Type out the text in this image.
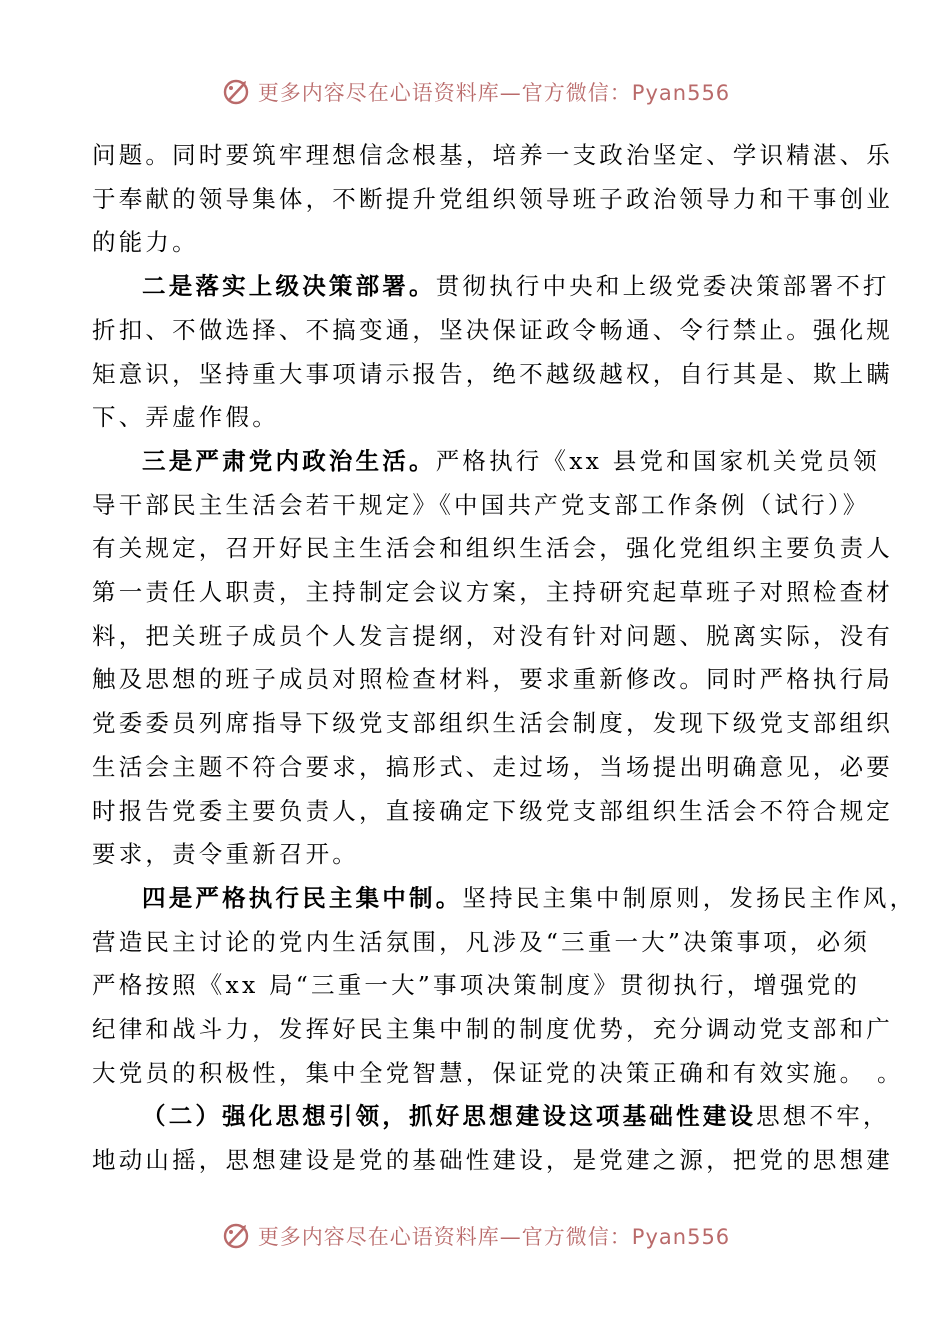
更多内容尽在心语资料库—官方微信：Pyan556

问题。同时要筑牢理想信念根基，培养一支政治坚定、学识精湛、乐
于奉献的领导集体，不断提升党组织领导班子政治领导力和干事创业
的能力。

二是落实上级决策部署。贯彻执行中央和上级党委决策部署不打
折扣、不做选择、不搞变通，坚决保证政令畅通、令行禁止。强化规
矩意识，坚持重大事项请示报告，绝不越级越权，自行其是、欺上瞒
下、弄虚作假。

三是严肃党内政治生活。严格执行《xx 县党和国家机关党员领
导干部民主生活会若干规定》《中国共产党支部工作条例（试行）》
有关规定，召开好民主生活会和组织生活会，强化党组织主要负责人
第一责任人职责，主持制定会议方案，主持研究起草班子对照检查材
料，把关班子成员个人发言提纲，对没有针对问题、脱离实际，没有
触及思想的班子成员对照检查材料，要求重新修改。同时严格执行局
党委委员列席指导下级党支部组织生活会制度，发现下级党支部组织
生活会主题不符合要求，搞形式、走过场，当场提出明确意见，必要
时报告党委主要负责人，直接确定下级党支部组织生活会不符合规定
要求，责令重新召开。

四是严格执行民主集中制。坚持民主集中制原则，发扬民主作风，
营造民主讨论的党内生活氛围，凡涉及“三重一大”决策事项，必须
严格按照《xx 局“三重一大”事项决策制度》贯彻执行，增强党的
纪律和战斗力，发挥好民主集中制的制度优势，充分调动党支部和广
大党员的积极性，集中全党智慧，保证党的决策正确和有效实施。 。

（二）强化思想引领，抓好思想建设这项基础性建设思想不牢，
地动山摇，思想建设是党的基础性建设，是党建之源，把党的思想建

更多内容尽在心语资料库—官方微信：Pyan556
